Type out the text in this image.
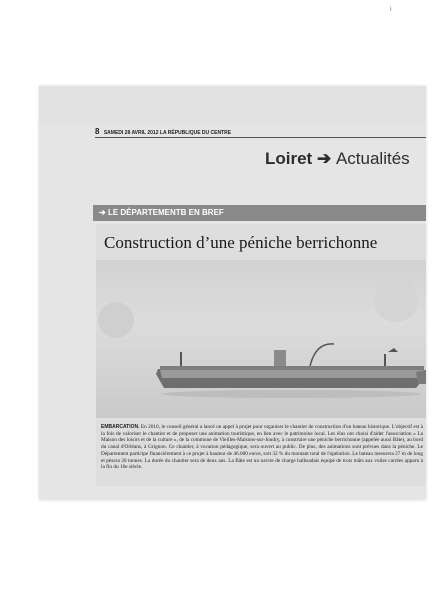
i
8 SAMEDI 28 AVRIL 2012 LA RÉPUBLIQUE DU CENTRE
Loiret ➔ Actualités
➔ LE DÉPARTEMENTB EN BREF
Construction d’une péniche berrichonne
EMBARCATION. En 2010, le conseil général a lancé un appel à projet pour organiser le chantier de construction d'un bateau historique. L'objectif est à la fois de valoriser le chantier et de proposer une animation touristique, en lien avec le patrimoine local. Les élus ont choisi d'aider l'association « La Maison des loisirs et de la culture », de la commune de Vieilles-Maisons-sur-Joudry, à construire une péniche berrichonne (appelée aussi Bâte), au bord du canal d'Orléans, à Grignon. Ce chantier, à vocation pédagogique, sera ouvert au public. De plus, des animations sont prévues dans la péniche. Le Département participe financièrement à ce projet à hauteur de 46.000 euros, soit 32 % du montant total de l'opération. Le bateau mesurera 27 m de long et pèsera 20 tonnes. La durée du chantier sera de deux ans. La Bâte est un navire de charge halbsadais équipé de trois mâts aux voiles carrées apparu à la fin du 16e siècle.
